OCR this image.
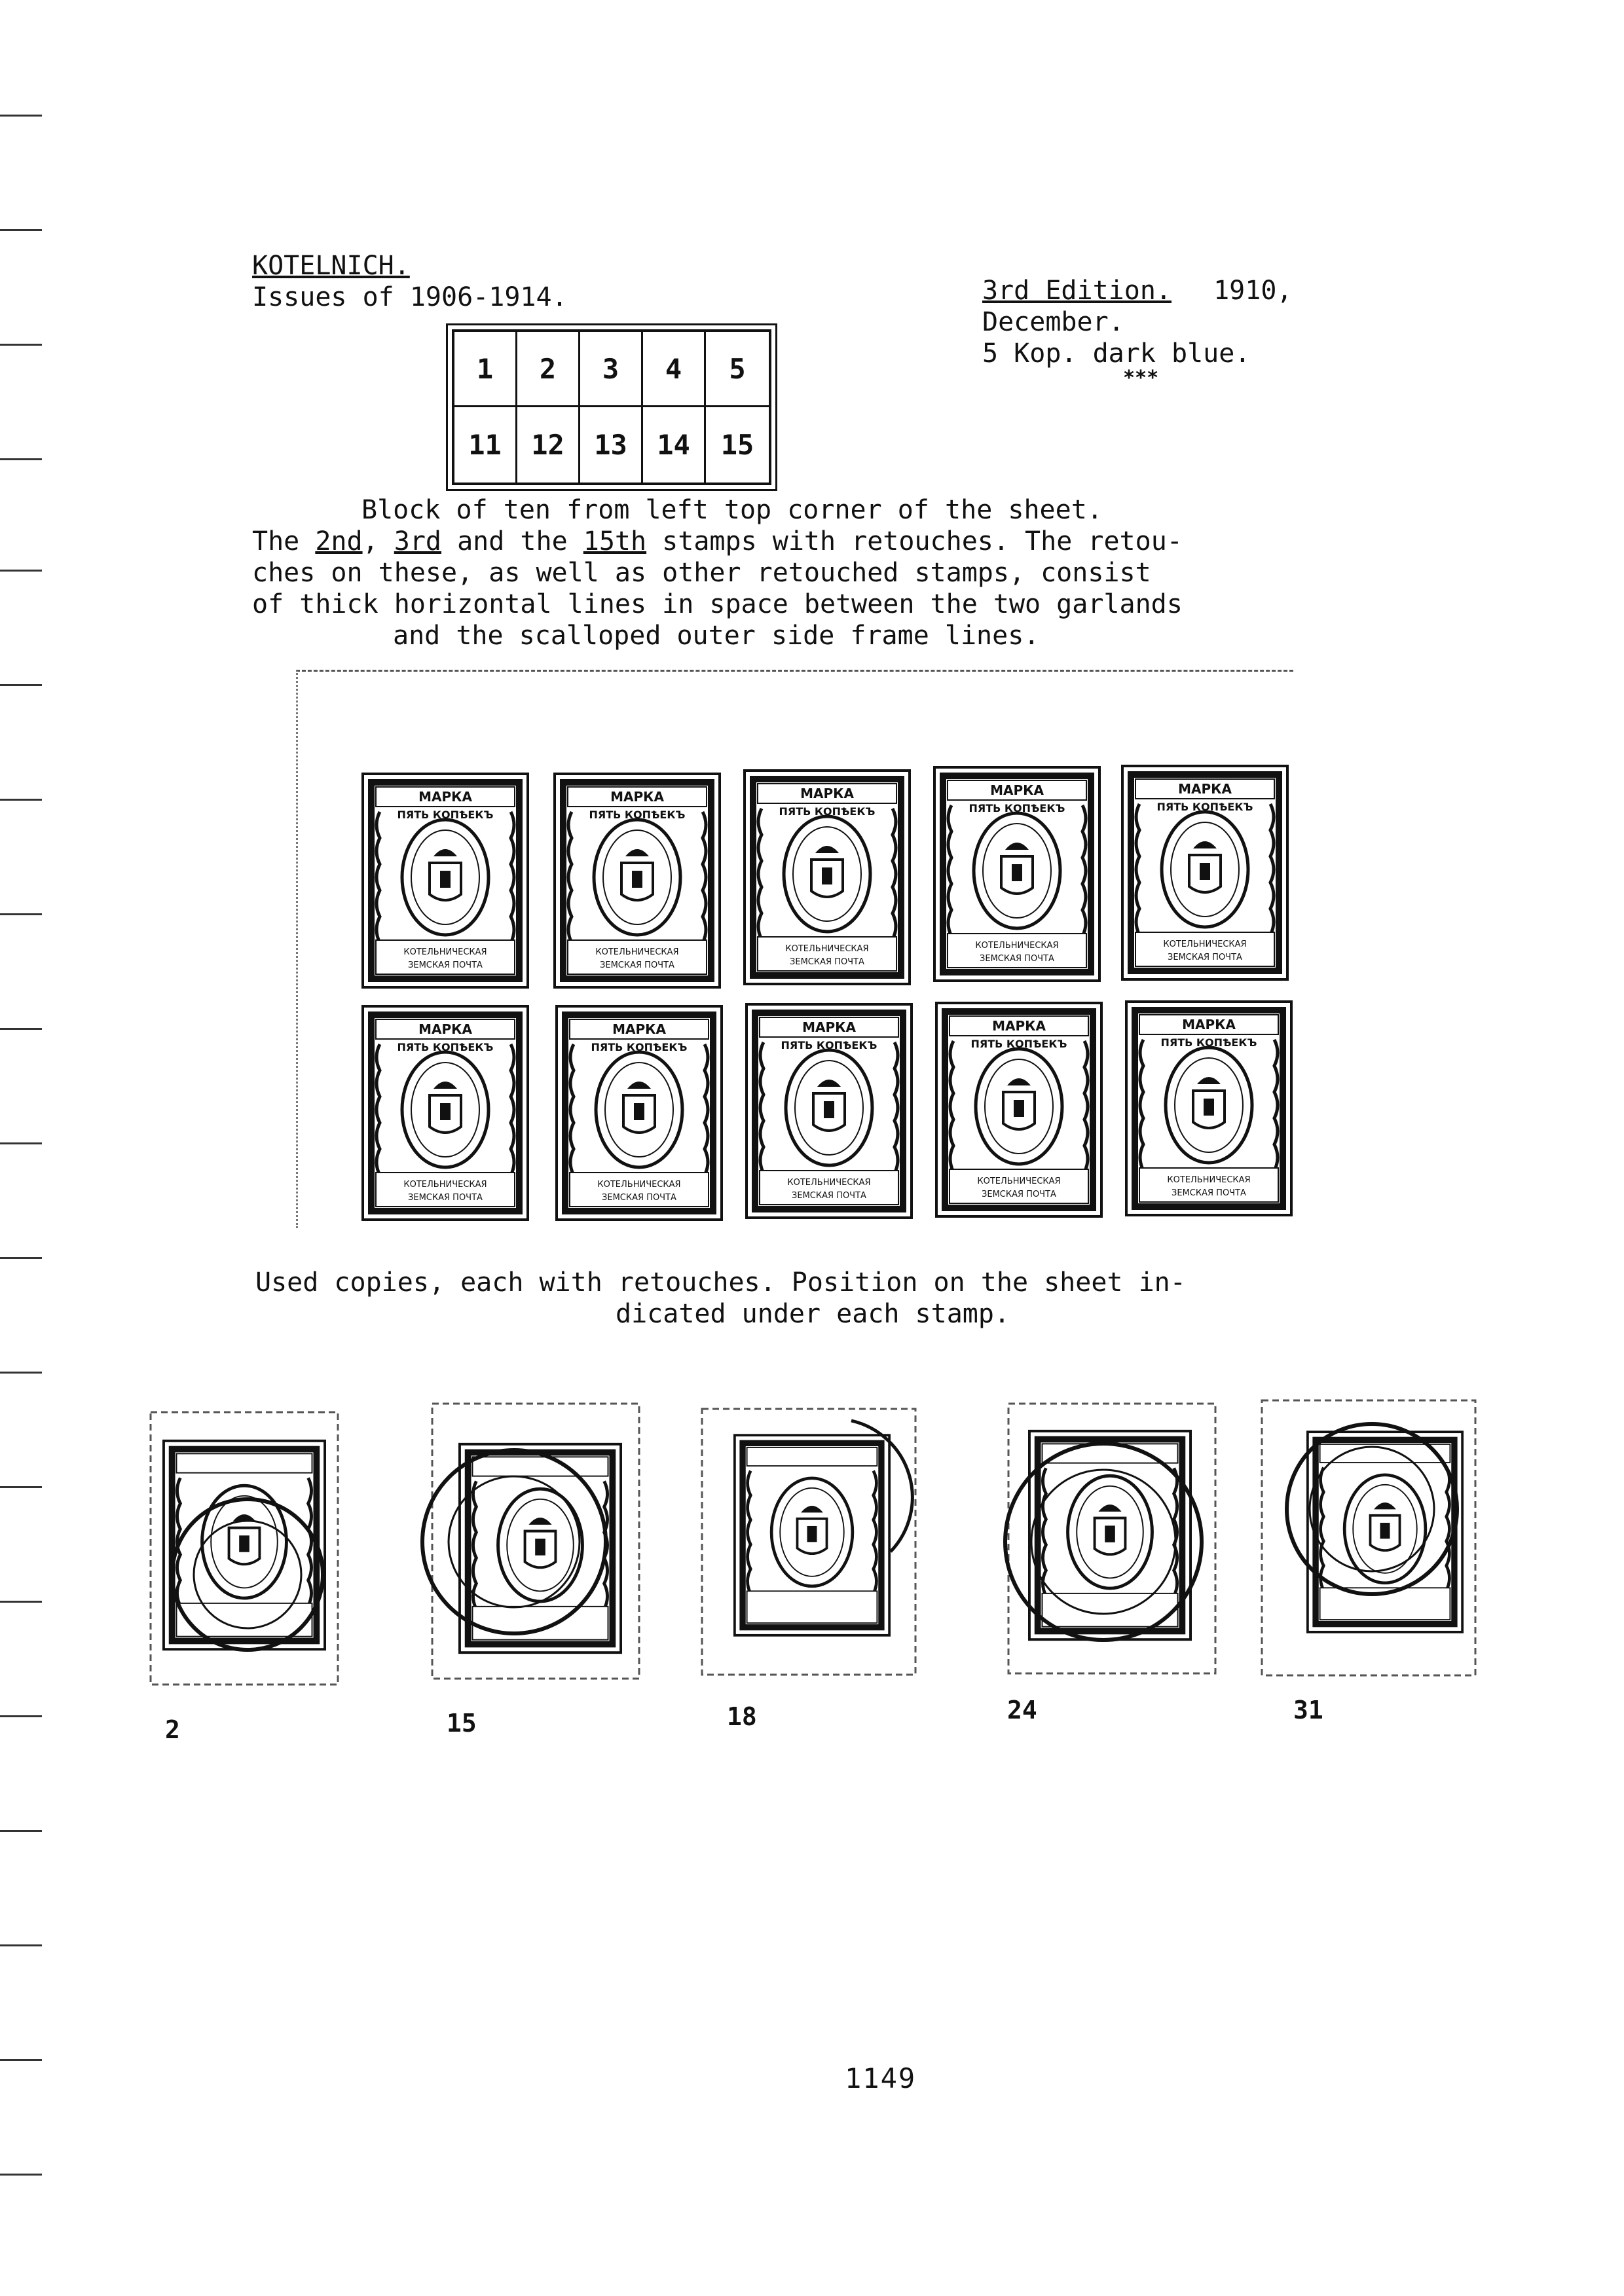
KOTELNICH.
Issues of 1906-1914.	3rd Edition. 1910,
December.
5 Kop. dark blue.
***
1	2	3	4	5
11	12	13	14	15
Block of ten from left top corner of the sheet.
The 2nd, 3rd and the 15th stamps with retouches. The retou-
ches on these, as well as other retouched stamps, consist
of thick horizontal lines in space between the two garlands
and the scalloped outer side frame lines.
МАРКА
ПЯТЬ КОПѢЕКЪ
КОТЕЛЬНИЧЕСКАЯ
ЗЕМСКАЯ ПОЧТА
МАРКА
ПЯТЬ КОПѢЕКЪ
КОТЕЛЬНИЧЕСКАЯ
ЗЕМСКАЯ ПОЧТА
МАРКА
ПЯТЬ КОПѢЕКЪ
КОТЕЛЬНИЧЕСКАЯ
ЗЕМСКАЯ ПОЧТА
МАРКА
ПЯТЬ КОПѢЕКЪ
КОТЕЛЬНИЧЕСКАЯ
ЗЕМСКАЯ ПОЧТА
МАРКА
ПЯТЬ КОПѢЕКЪ
КОТЕЛЬНИЧЕСКАЯ
ЗЕМСКАЯ ПОЧТА
МАРКА
ПЯТЬ КОПѢЕКЪ
КОТЕЛЬНИЧЕСКАЯ
ЗЕМСКАЯ ПОЧТА
МАРКА
ПЯТЬ КОПѢЕКЪ
КОТЕЛЬНИЧЕСКАЯ
ЗЕМСКАЯ ПОЧТА
МАРКА
ПЯТЬ КОПѢЕКЪ
КОТЕЛЬНИЧЕСКАЯ
ЗЕМСКАЯ ПОЧТА
МАРКА
ПЯТЬ КОПѢЕКЪ
КОТЕЛЬНИЧЕСКАЯ
ЗЕМСКАЯ ПОЧТА
МАРКА
ПЯТЬ КОПѢЕКЪ
КОТЕЛЬНИЧЕСКАЯ
ЗЕМСКАЯ ПОЧТА
Used copies, each with retouches. Position on the sheet in-
dicated under each stamp.
2	15	18	24	31
1149
